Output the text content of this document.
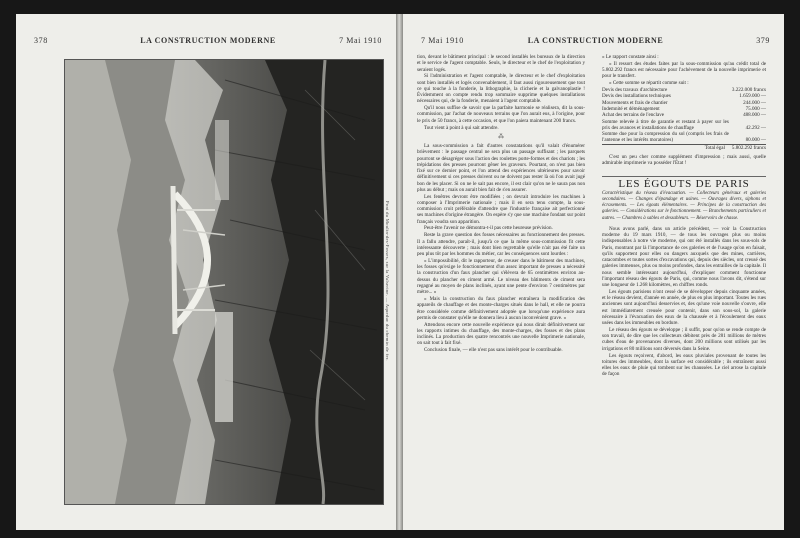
378	LA CONSTRUCTION MODERNE	7 Mai 1910
Pont du Moulin-des-Fosses, sur la Valserine. — Aqueduc du chemin de fer.
7 Mai 1910	LA CONSTRUCTION MODERNE	379

tion, devant le bâtiment principal : le second installés les bureaux de la direction et le service de l'agent comptable. Seuls, le directeur et le chef de l'exploitation y seraient logés.

Si l'administration et l'agent comptable, le directeur et le chef d'exploitation sont bien installés et logés convenablement, il faut aussi rigoureusement que tout ce qui touche à la fonderie, la lithographie, la clicherie et la galvanoplastie ! Évidemment on compte rendu trop sommaire supprime quelques installations nécessaires qui, de la fonderie, menaient à l'agent comptable.

Qu'il nous suffise de savoir que la parfaite harmonie se réalisera, dit la sous-commission, par l'achat de nouveaux terrains que l'on aurait eus, à l'origine, pour le prix de 50 francs, à cette occasion, et que l'on paiera maintenant 200 francs.

Tout vient à point à qui sait attendre.

⁂

La sous-commission a fait d'autres constatations qu'il valait d'énumérer brièvement : le passage central ne sera plus un passage suffisant ; les parquets pourront se désagréger sous l'action des roulettes porte-formes et des chariots ; les trépidations des presses pourront gêner les graveurs. Pourtant, on n'est pas bien fixé sur ce dernier point, et l'on attend des expériences ultérieures pour savoir définitivement si ces presses doivent ou ne doivent pas rester là où l'on avait jugé bon de les placer. Si on ne le sait pas encore, il est clair qu'on ne le saura pas non plus au début ; mais on aurait bien fait de s'en assurer.

Les fenêtres devront être modifiées ; on devrait introduire les machines à composer à l'Imprimerie nationale ; mais il en sera tenu compte, la sous-commission croit préférable d'attendre que l'industrie française ait perfectionné ses machines d'origine étrangère. On espère s'y que une machine fondant sur point français voudra son apparition.

Peut-être l'avenir ne démontra-t-il pas cette heureuse prévision.

Reste la grave question des fosses nécessaires au fonctionnement des presses. Il a fallu attendre, paraît-il, jusqu'à ce que la même sous-commission fit cette intéressante découverte ; mais dont bien regrettable qu'elle n'ait pas été faite un peu plus tôt par les hommes du métier, car les conséquences sont lourdes :

« L'impossibilité, dit le rapporteur, de creuser dans le bâtiment des machines, les fosses qu'exige le fonctionnement d'un assez important de presses a nécessité la construction d'un faux plancher qui s'élèvera de 65 centimètres environ au-dessus du plancher en ciment armé. Le niveau des bâtiments de ciment sera regagné au moyen de plans inclinés, ayant une pente d'environ 7 centimètres par mètre... »

« Mais la construction du faux plancher entraînera la modification des appareils de chauffage et des monte-charges situés dans le hall, et elle ne pourra être considérée comme définitivement adoptée que lorsqu'une expérience aura permis de constater qu'elle ne donnera lieu à aucun inconvénient grave. »

Attendons encore cette nouvelle expérience qui nous dirait définitivement sur les rapports intimes du chauffage, des monte-charges, des fosses et des plans inclinés. La production des quatre rencontrés une nouvelle Imprimerie nationale, on sait tout à fait fixé.

Conclusion finale, — elle n'est pas sans intérêt pour le contribuable.

« Le rapport constate ainsi :

« Il ressort des études faites par la sous-commission qu'au crédit total de 5.802.292 francs est nécessaire pour l'achèvement de la nouvelle imprimerie et pour le transfert.

« Cette somme se répartit comme suit :

Devis des travaux d'architecture	3.222.000 francs
Devis des installations techniques	1.659.000 —
Mouvements et frais de chantier	244.000 —
Indemnité et déménagement	75.000 —
Achat des terrains de l'enclave	488.000 —
Somme relevée à titre de garantie et restant à payer sur les prix des avances et installations de chauffage	42.292 —
Somme due pour la compression du sol (compris les frais de l'antenne et les intérêts moratoires)	80.000 —
Total égal	5.802.292 francs

C'est un peu cher comme supplément d'impression ; mais aussi, quelle admirable imprimerie va posséder l'État !

LES ÉGOUTS DE PARIS
Caractéristique du réseau d'évacuation. — Collecteurs généraux et galeries secondaires. — Changes d'épandage et usines. — Ouvrages divers, siphons et écrasements. — Les égouts élémentaires. — Principes de la construction des galeries. — Considérations sur le fonctionnement. — Branchements particuliers et autres. — Chambres à sables et dessableurs. — Réservoirs de chasse.

Nous avons parlé, dans un article précédent, — voir la Construction moderne du 19 mars 1910, — de tous les ouvrages plus ou moins indispensables à notre vie moderne, qui ont été installés dans les sous-sols de Paris, montrant par là l'importance de ces galeries et de l'usage qu'on en faisait, qu'ils supportent pour elles ou dangers auxquels que des mines, carrières, catacombes et toutes sortes d'excavations qui, depuis des siècles, ont creusé des galeries immenses, plus ou moins profondes, dans les entrailles de la capitale. Il nous semble intéressant aujourd'hui, d'expliquer comment fonctionne l'important réseau des égouts de Paris, qui, comme nous l'avons dit, s'étend sur une longueur de 1.268 kilomètres, en chiffres ronds.

Les égouts parisiens n'ont cessé de se développer depuis cinquante années, et le réseau devient, d'année en année, de plus en plus important. Toutes les rues anciennes sont aujourd'hui desservies et, des qu'une voie nouvelle s'ouvre, elle est immédiatement creusée pour contenir, dans son sous-sol, la galerie nécessaire à l'évacuation des eaux de la chaussée et à l'écoulement des eaux usées dans les immeubles en bordure.

Le réseau des égouts se développe ; il suffit, pour qu'on se rende compte de son travail, de dire que les collecteurs débitent près de 281 millions de mètres cubes d'eau de provenances diverses, dont 200 millions sont utilisés par les irrigations et 80 millions sont déversés dans la Seine.

Les égouts reçoivent, d'abord, les eaux pluviales provenant de toutes les toitures des immeubles, dont la surface est considérable ; ils entraînent aussi elles les eaux de pluie qui tombent sur les chaussées. Le ciel arrose la capitale de façon
